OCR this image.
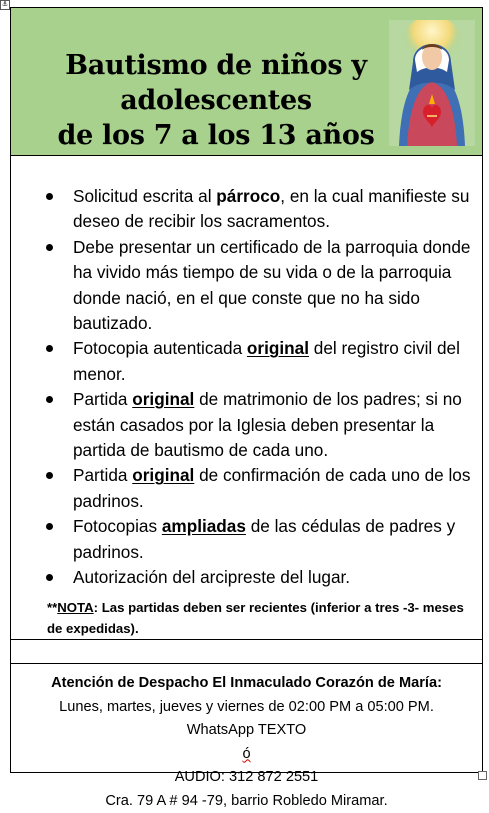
⚓
Bautismo de niños y
adolescentes
de los 7 a los 13 años
Solicitud escrita al párroco, en la cual manifieste su deseo de recibir los sacramentos.
Debe presentar un certificado de la parroquia donde ha vivido más tiempo de su vida o de la parroquia donde nació, en el que conste que no ha sido bautizado.
Fotocopia autenticada original del registro civil del menor.
Partida original de matrimonio de los padres; si no están casados por la Iglesia deben presentar la partida de bautismo de cada uno.
Partida original de confirmación de cada uno de los padrinos.
Fotocopias ampliadas de las cédulas de padres y padrinos.
Autorización del arcipreste del lugar.
**NOTA: Las partidas deben ser recientes (inferior a tres -3- meses de expedidas).
Atención de Despacho El Inmaculado Corazón de María:
Lunes, martes, jueves y viernes de 02:00 PM a 05:00 PM.
WhatsApp TEXTO
ó
AUDIO: 312 872 2551
Cra. 79 A # 94 -79, barrio Robledo Miramar.
